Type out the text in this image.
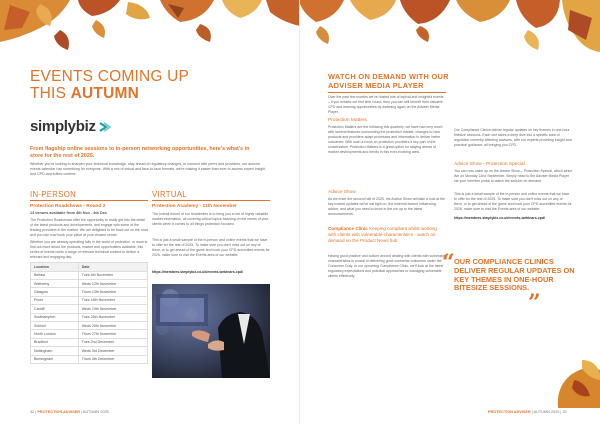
EVENTS COMING UP
THIS AUTUMN
simplybiz

From flagship online sessions to in-person networking opportunities, here's what's in store for the rest of 2025.

Whether you're looking to sharpen your technical knowledge, stay ahead of regulatory changes, or connect with peers and providers, our autumn events calendar has something for everyone. With a mix of virtual and face-to-face formats, we're making it easier than ever to access expert insight and CPD-accredited content.

IN-PERSON
Protection Roadshows - Round 2
13 venues available from 4th Nov - 4th Dec

The Protection Roadshows offer the opportunity to really get into the detail of the latest products and developments, and engage with some of the leading providers in the market. We are delighted to be back out on the road and you can now book your place at your chosen venue.

Whether you are already operating fully in the world of protection, or want to find out more about the products, market and opportunities available, this series of events holds a range of relevant technical content to deliver a relevant and engaging day.

Location	Date
Belfast	Tues 4th November
Wetherby	Weds 12th November
Glasgow	Thurs 13th November
Poole	Tues 18th November
Cardiff	Weds 19th November
Southampton	Tues 25th November
Solihull	Weds 26th November
North London	Thurs 27th November
Bradford	Tues 2nd December
Nottingham	Weds 3rd December
Birmingham	Thurs 4th December
VIRTUAL
Protection Academy - 11th November

The overall theme of our Academies is to bring you a mix of highly valuable market information, all covering critical topics focusing on the needs of your clients when it comes to all things protection focused.

This is just a small sample of the in-person and online events that we have to offer for the rest of 2025. To make sure you don't miss out on any of them, or to get ahead of the game and book your CPD accredited events for 2026, make sure to visit the Events area of our website:

https://members.simplybiz.co.uk/events-webinars-cpd/
32 | PROTECTION ADVISER | AUTUMN 2025
WATCH ON DEMAND WITH OUR
ADVISER MEDIA PLAYER

Over the past few months we've hosted lots of topical and insightful events – if you missed out first time round, then you can still benefit from valuable CPD and learning opportunities by watching again on the Adviser Media Player.

Protection Matters

Protection Matters are the following this quarterly, we have had very much with several features surrounding the protection market, changes to how products and providers adapt processes and information to deliver better outcomes. With such a focus on protection providers a key part of the conversation, Protection Matters is a great option for staying ahead of market developments and trends in this ever-evolving area.

Advice Show

As we enter the second half of 2025, the Advice Show will take a look at the key market updates we've sat tight on, the external factors influencing advice, and what you need to know in the run up to the latest announcements.

Compliance Clinic Keeping compliant whilst working with clients with vulnerable characteristics - watch on demand on the Product News hub

Having good practice and culture around dealing with clients with vulnerable characteristics is crucial in delivering good consumer outcomes under the Consumer Duty. In our upcoming Compliance Clinic, we'll look at the latest regulatory expectations and practical approaches to managing vulnerable clients effectively.

Our Compliance Clinics deliver regular updates on key themes in one-hour bitesize sessions. Each one takes a deep dive into a specific area of regulation currently affecting advisers, with our experts providing insight and practical guidance, all bringing you CPD.

Advice Show - Protection Special

You can now catch up on the Advice Show – Protection Special, which aired live on Monday 22nd September. Simply head to the Adviser Media Player via your member portal to watch the session on demand.

This is just a small sample of the in-person and online events that we have to offer for the rest of 2025. To make sure you don't miss out on any of them, or to get ahead of the game and book your CPD accredited events for 2026, make sure to visit the Events area of our website:

https://members.simplybiz.co.uk/events-webinars-cpd/
“ OUR COMPLIANCE CLINICS DELIVER REGULAR UPDATES ON KEY THEMES IN ONE-HOUR BITESIZE SESSIONS.

”
PROTECTION ADVISER | AUTUMN 2025 | 33
